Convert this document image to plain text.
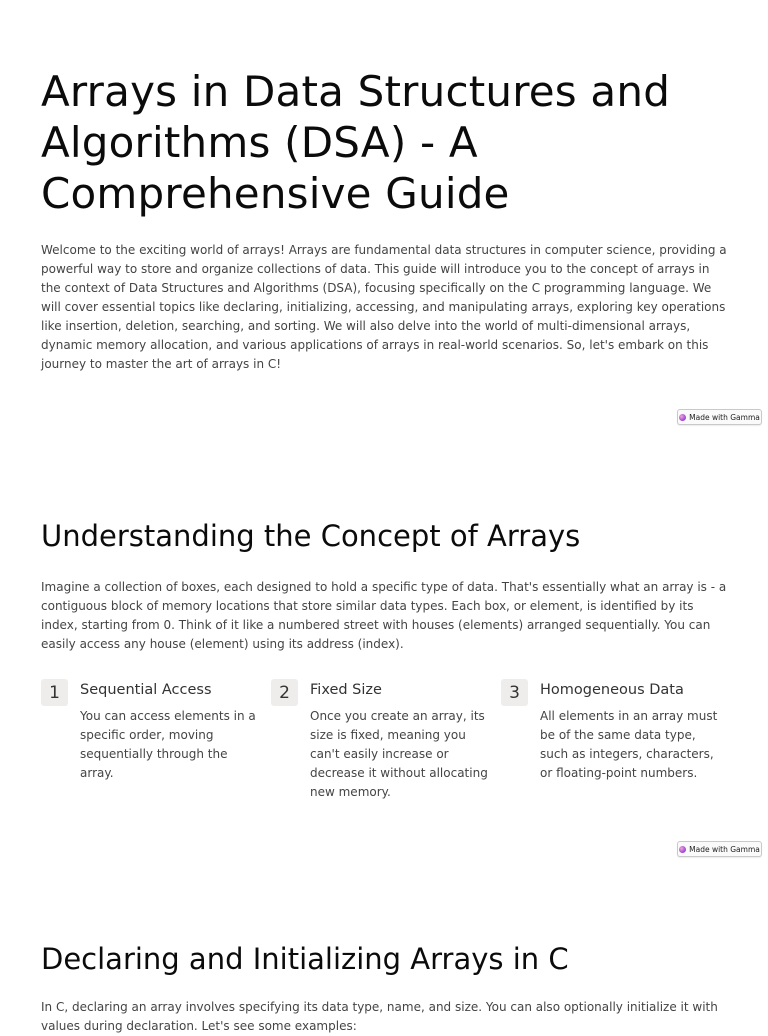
Arrays in Data Structures and Algorithms (DSA) - A Comprehensive Guide

Welcome to the exciting world of arrays! Arrays are fundamental data structures in computer science, providing a powerful way to store and organize collections of data. This guide will introduce you to the concept of arrays in the context of Data Structures and Algorithms (DSA), focusing specifically on the C programming language. We will cover essential topics like declaring, initializing, accessing, and manipulating arrays, exploring key operations like insertion, deletion, searching, and sorting. We will also delve into the world of multi-dimensional arrays, dynamic memory allocation, and various applications of arrays in real-world scenarios. So, let's embark on this journey to master the art of arrays in C!

Made with Gamma
Understanding the Concept of Arrays

Imagine a collection of boxes, each designed to hold a specific type of data. That's essentially what an array is - a contiguous block of memory locations that store similar data types. Each box, or element, is identified by its index, starting from 0. Think of it like a numbered street with houses (elements) arranged sequentially. You can easily access any house (element) using its address (index).

1	Sequential Access

You can access elements in a specific order, moving sequentially through the array.

2	Fixed Size

Once you create an array, its size is fixed, meaning you can't easily increase or decrease it without allocating new memory.

3	Homogeneous Data

All elements in an array must be of the same data type, such as integers, characters, or floating-point numbers.

Made with Gamma
Declaring and Initializing Arrays in C

In C, declaring an array involves specifying its data type, name, and size. You can also optionally initialize it with values during declaration. Let's see some examples:
